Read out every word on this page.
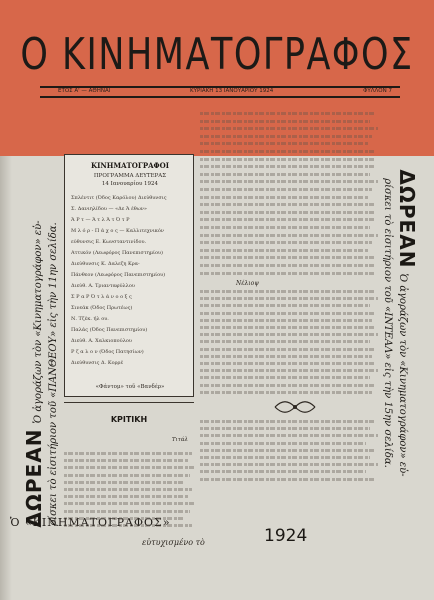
Ο ΚΙΝΗΜΑΤΟΓΡΑΦΟΣ
ΕΤΟΣ Α' — ΑΘΗΝΑΙ	ΚΥΡΙΑΚΗ 13 ΙΑΝΟΥΑΡΙΟΥ 1924	ΦΥΛΛΟΝ 7
ΚΙΝΗΜΑΤΟΓΡΑΦΟΙ
ΠΡΟΓΡΑΜΜΑ ΔΕΥΤΕΡΑΣ
14 Ιανουαρίου 1924
Σπλέντιτ (Όδος Καρόλου) Διεύθυνσις
Σ. Δανιηλίδου — «Δε Ά έθων»
Ά Ρ τ — Ά τ λ Ά τ Ό τ Ρ
Μ λ ό ρ - Π ά χ ο ς — Καλλιτεχνικόν
εύθυνσις Ε. Κωνσταντινίδου.
Αττικόν (Λεωφόρος Πανεπιστημίου)
Διεύθυνσις Κ. Δαλεζη Κρα-
Πάνθεον (Λεωφόρος Πανεπιστημίου)
Διεύθ. Α. Τριανταφύλλου
Σ Ρ α Ρ Ό τ λ ά ν ο ο ξ ς
Σινεάκ (Όδος Πρωτέως)
Ν. Τζέκ. ήλ ου.
Παλάς (Όδος Πανεπιστημίου)
Διεύθ. Α. Χαλκιοπούλου
Ρ ζ α λ ο ν (Όδος Πατησίων)
Διεύθυνσις Δ. Κορρέ
«Φάντομ» τοῦ «Βανδέρ»
ΚΡΙΤΙΚΗ
Τιτάλ
Νέλιοψ
ΔΩΡΕΑΝ Ὁ ἀγοράζων τὸν «Κινηματογράφον» εὑ- ρίσκει τὸ εἰσιτήριον τοῦ «ΠΑΝΘΕΟΥ» εἰς τὴν 11ην σελίδα.
ΔΩΡΕΑΝ Ὁ ἀγοράζων τὸν «Κινηματογράφον» εὑ-
ρίσκει τὸ εἰσιτήριον τοῦ «ΙΝΤΕΑΛ» εἰς τὴν 15ην σελίδα.
Ὁ «ΚΙΝΗΜΑΤΟΓΡΑΦΟΣ»
εὐτυχισμένο τὸ	1924
